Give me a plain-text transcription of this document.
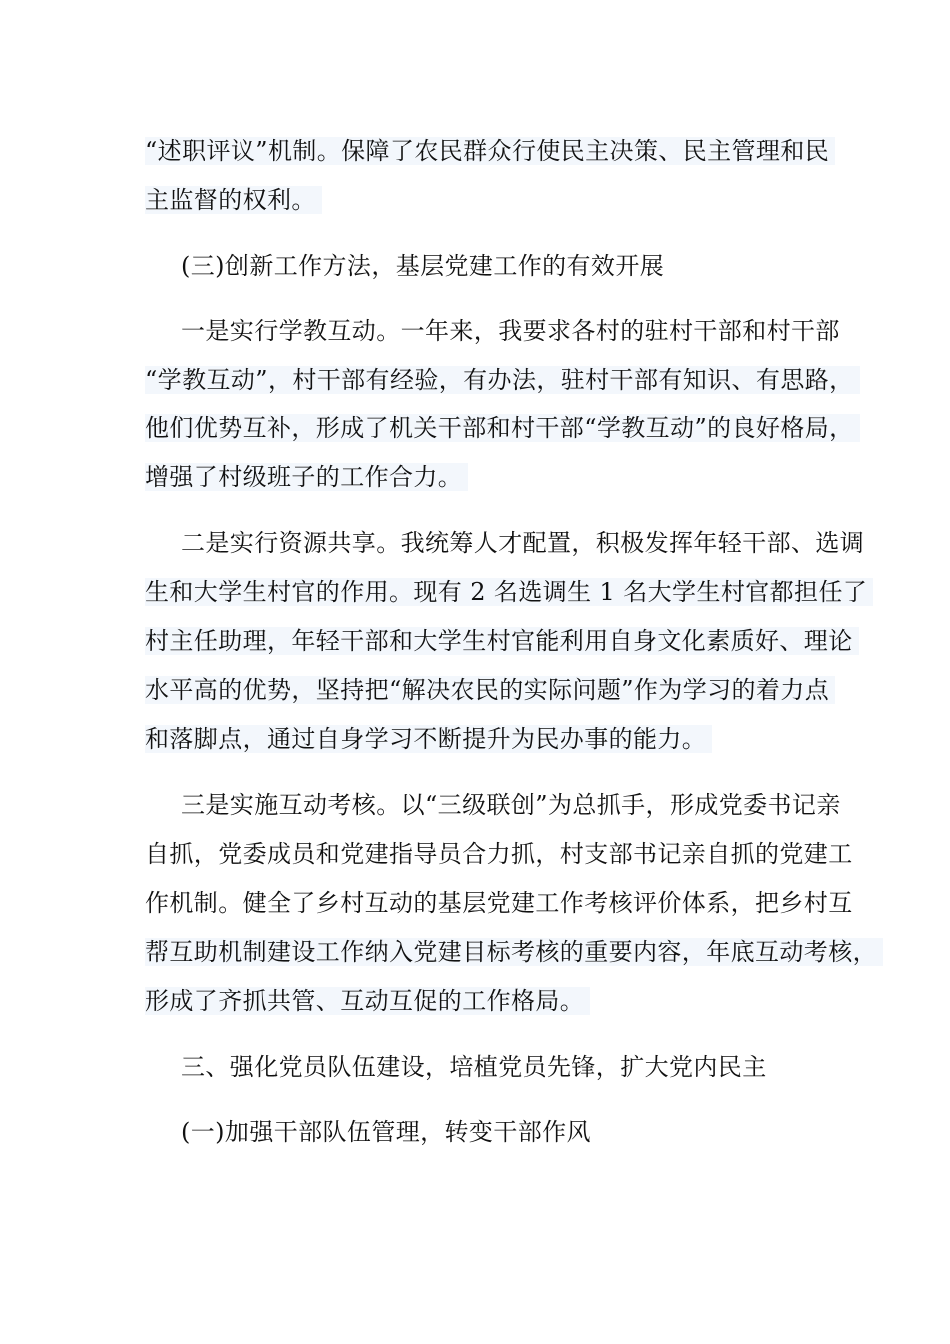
“述职评议”机制。保障了农民群众行使民主决策、民主管理和民
主监督的权利。
(三)创新工作方法，基层党建工作的有效开展
一是实行学教互动。一年来，我要求各村的驻村干部和村干部
“学教互动”，村干部有经验，有办法，驻村干部有知识、有思路，
他们优势互补，形成了机关干部和村干部“学教互动”的良好格局，
增强了村级班子的工作合力。
二是实行资源共享。我统筹人才配置，积极发挥年轻干部、选调
生和大学生村官的作用。现有 2 名选调生 1 名大学生村官都担任了
村主任助理，年轻干部和大学生村官能利用自身文化素质好、理论
水平高的优势，坚持把“解决农民的实际问题”作为学习的着力点
和落脚点，通过自身学习不断提升为民办事的能力。
三是实施互动考核。以“三级联创”为总抓手，形成党委书记亲
自抓，党委成员和党建指导员合力抓，村支部书记亲自抓的党建工
作机制。健全了乡村互动的基层党建工作考核评价体系，把乡村互
帮互助机制建设工作纳入党建目标考核的重要内容，年底互动考核，
形成了齐抓共管、互动互促的工作格局。
三、强化党员队伍建设，培植党员先锋，扩大党内民主
(一)加强干部队伍管理，转变干部作风
